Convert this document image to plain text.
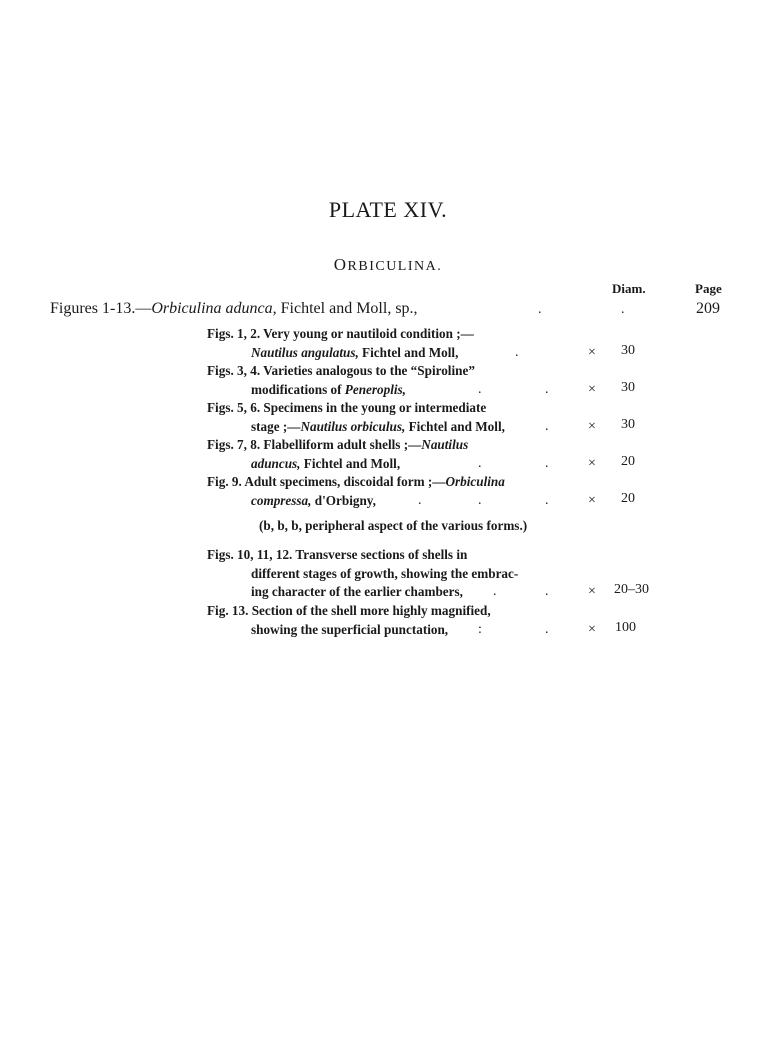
PLATE XIV.
ORBICULINA.
Diam.	Page
Figures 1-13.—Orbiculina adunca, Fichtel and Moll, sp.,	.	.	209
Figs. 1, 2. Very young or nautiloid condition ;—
Nautilus angulatus, Fichtel and Moll,	.	× 30
Figs. 3, 4. Varieties analogous to the “Spiroline”
modifications of Peneroplis,	.	.	× 30
Figs. 5, 6. Specimens in the young or intermediate
stage ;—Nautilus orbiculus, Fichtel and Moll,	.	× 30
Figs. 7, 8. Flabelliform adult shells ;—Nautilus
aduncus, Fichtel and Moll,	.	.	× 20
Fig. 9. Adult specimens, discoidal form ;—Orbiculina
compressa, d'Orbigny,	.	.	.	× 20
(b, b, b, peripheral aspect of the various forms.)
Figs. 10, 11, 12. Transverse sections of shells in
different stages of growth, showing the embrac-
ing character of the earlier chambers, .	.	× 20–30
Fig. 13. Section of the shell more highly magnified,
showing the superficial punctation, :	.	× 100
